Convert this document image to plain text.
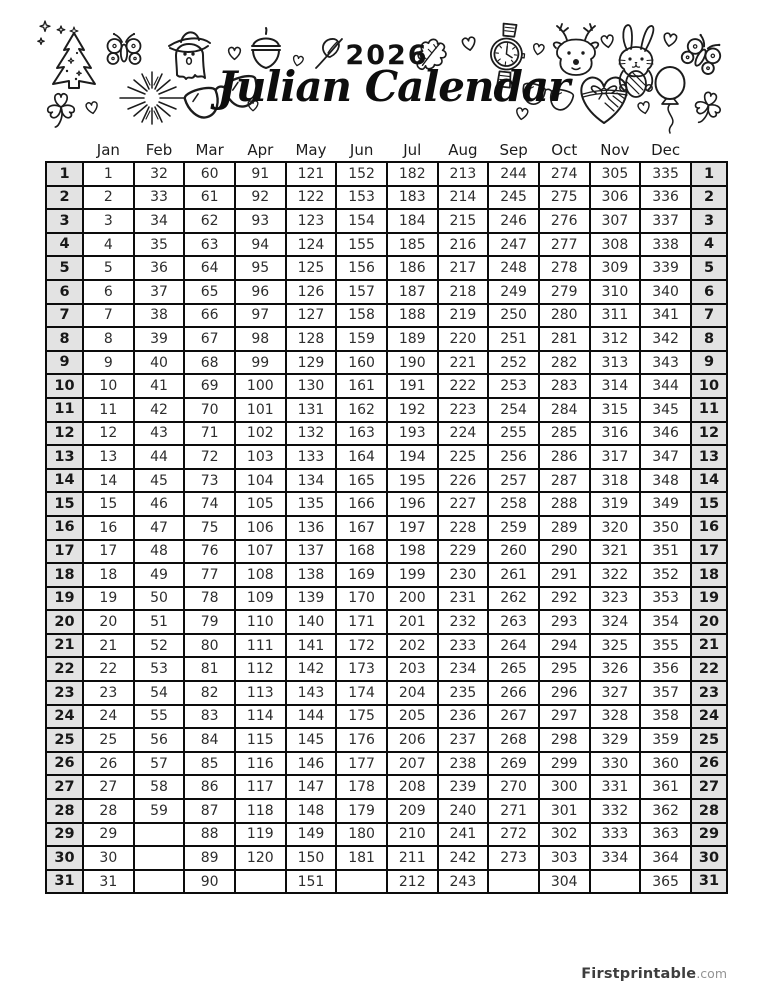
2026
Julian Calendar
	Jan	Feb	Mar	Apr	May	Jun	Jul	Aug	Sep	Oct	Nov	Dec	
1	1	32	60	91	121	152	182	213	244	274	305	335	1
2	2	33	61	92	122	153	183	214	245	275	306	336	2
3	3	34	62	93	123	154	184	215	246	276	307	337	3
4	4	35	63	94	124	155	185	216	247	277	308	338	4
5	5	36	64	95	125	156	186	217	248	278	309	339	5
6	6	37	65	96	126	157	187	218	249	279	310	340	6
7	7	38	66	97	127	158	188	219	250	280	311	341	7
8	8	39	67	98	128	159	189	220	251	281	312	342	8
9	9	40	68	99	129	160	190	221	252	282	313	343	9
10	10	41	69	100	130	161	191	222	253	283	314	344	10
11	11	42	70	101	131	162	192	223	254	284	315	345	11
12	12	43	71	102	132	163	193	224	255	285	316	346	12
13	13	44	72	103	133	164	194	225	256	286	317	347	13
14	14	45	73	104	134	165	195	226	257	287	318	348	14
15	15	46	74	105	135	166	196	227	258	288	319	349	15
16	16	47	75	106	136	167	197	228	259	289	320	350	16
17	17	48	76	107	137	168	198	229	260	290	321	351	17
18	18	49	77	108	138	169	199	230	261	291	322	352	18
19	19	50	78	109	139	170	200	231	262	292	323	353	19
20	20	51	79	110	140	171	201	232	263	293	324	354	20
21	21	52	80	111	141	172	202	233	264	294	325	355	21
22	22	53	81	112	142	173	203	234	265	295	326	356	22
23	23	54	82	113	143	174	204	235	266	296	327	357	23
24	24	55	83	114	144	175	205	236	267	297	328	358	24
25	25	56	84	115	145	176	206	237	268	298	329	359	25
26	26	57	85	116	146	177	207	238	269	299	330	360	26
27	27	58	86	117	147	178	208	239	270	300	331	361	27
28	28	59	87	118	148	179	209	240	271	301	332	362	28
29	29		88	119	149	180	210	241	272	302	333	363	29
30	30		89	120	150	181	211	242	273	303	334	364	30
31	31		90		151		212	243		304		365	31
Firstprintable.com
